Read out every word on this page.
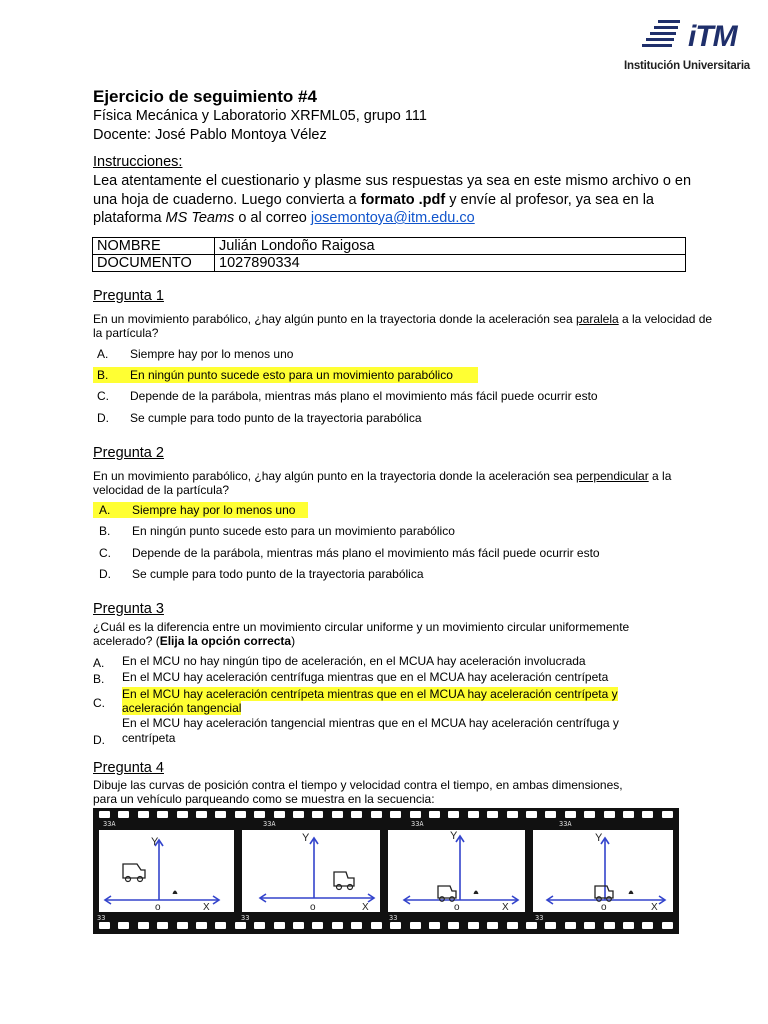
iTM
Institución Universitaria
Ejercicio de seguimiento #4
Física Mecánica y Laboratorio XRFML05, grupo 111
Docente: José Pablo Montoya Vélez
Instrucciones:
Lea atentamente el cuestionario y plasme sus respuestas ya sea en este mismo archivo o en una hoja de cuaderno. Luego convierta a formato .pdf y envíe al profesor, ya sea en la plataforma MS Teams o al correo josemontoya@itm.edu.co
NOMBRE	Julián Londoño Raigosa
DOCUMENTO	1027890334
Pregunta 1
En un movimiento parabólico, ¿hay algún punto en la trayectoria donde la aceleración sea paralela a la velocidad de la partícula?
A. Siempre hay por lo menos uno
B. En ningún punto sucede esto para un movimiento parabólico
C. Depende de la parábola, mientras más plano el movimiento más fácil puede ocurrir esto
D. Se cumple para todo punto de la trayectoria parabólica
Pregunta 2
En un movimiento parabólico, ¿hay algún punto en la trayectoria donde la aceleración sea perpendicular a la velocidad de la partícula?
A. Siempre hay por lo menos uno
B. En ningún punto sucede esto para un movimiento parabólico
C. Depende de la parábola, mientras más plano el movimiento más fácil puede ocurrir esto
D. Se cumple para todo punto de la trayectoria parabólica
Pregunta 3
¿Cuál es la diferencia entre un movimiento circular uniforme y un movimiento circular uniformemente acelerado? (Elija la opción correcta)
A. En el MCU no hay ningún tipo de aceleración, en el MCUA hay aceleración involucrada
B. En el MCU hay aceleración centrífuga mientras que en el MCUA hay aceleración centrípeta
C.
En el MCU hay aceleración centrípeta mientras que en el MCUA hay aceleración centrípeta y
aceleración tangencial
D.
En el MCU hay aceleración tangencial mientras que en el MCUA hay aceleración centrífuga y
centrípeta
Pregunta 4
Dibuje las curvas de posición contra el tiempo y velocidad contra el tiempo, en ambas dimensiones,
para un vehículo parqueando como se muestra en la secuencia:
33A	33A	33A	33A
33	33	33	33
Y
X
o
Y
X
o
Y
X
o
Y
X
o
